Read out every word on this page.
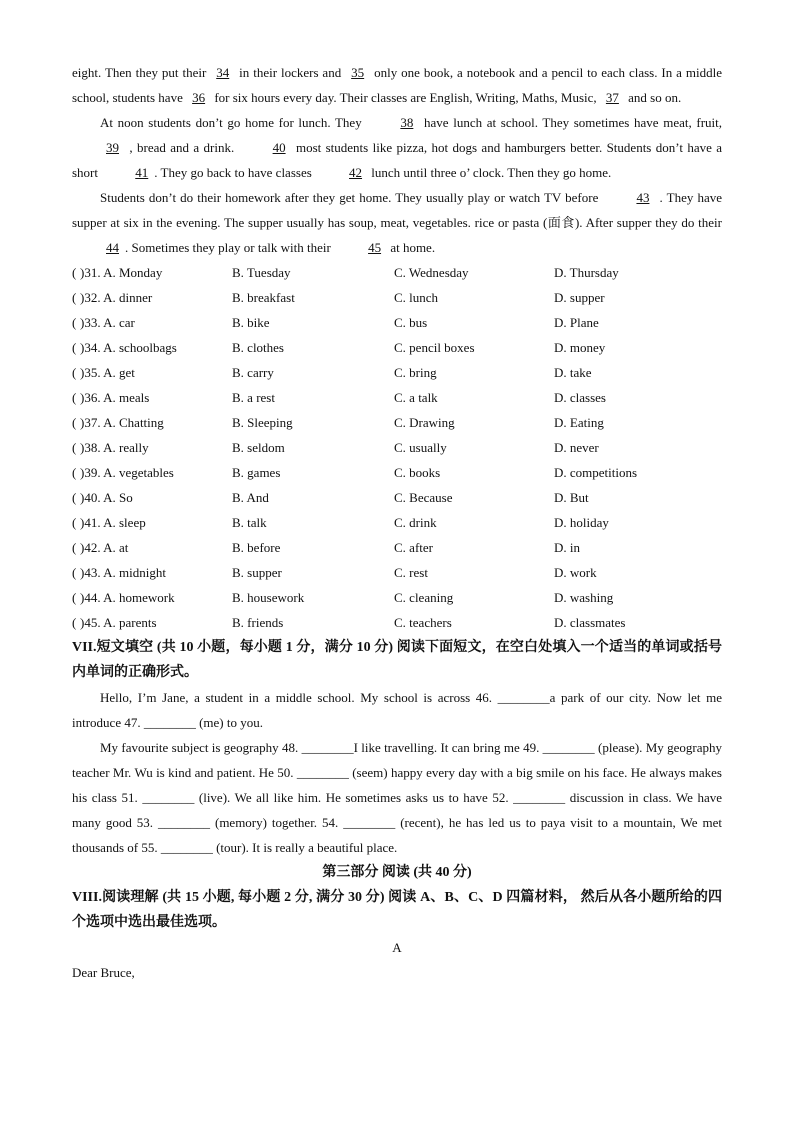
eight. Then they put their 34 in their lockers and 35 only one book, a notebook and a pencil to each class. In a middle school, students have 36 for six hours every day. Their classes are English, Writing, Maths, Music, 37 and so on.

At noon students don’t go home for lunch. They	38 have lunch at school. They sometimes have meat, fruit, 39 , bread and a drink.	40 most students like pizza, hot dogs and hamburgers better. Students don’t have a short	41 . They go back to have classes	42 lunch until three o’ clock. Then they go home.

Students don’t do their homework after they get home. They usually play or watch TV before	43 . They have supper at six in the evening. The supper usually has soup, meat, vegetables. rice or pasta (面食). After supper they do their 44 . Sometimes they play or talk with their	45 at home.

( )31. A. Monday	B. Tuesday	C. Wednesday	D. Thursday
( )32. A. dinner	B. breakfast	C. lunch	D. supper
( )33. A. car	B. bike	C. bus	D. Plane
( )34. A. schoolbags	B. clothes	C. pencil boxes	D. money
( )35. A. get	B. carry	C. bring	D. take
( )36. A. meals	B. a rest	C. a talk	D. classes
( )37. A. Chatting	B. Sleeping	C. Drawing	D. Eating
( )38. A. really	B. seldom	C. usually	D. never
( )39. A. vegetables	B. games	C. books	D. competitions
( )40. A. So	B. And	C. Because	D. But
( )41. A. sleep	B. talk	C. drink	D. holiday
( )42. A. at	B. before	C. after	D. in
( )43. A. midnight	B. supper	C. rest	D. work
( )44. A. homework	B. housework	C. cleaning	D. washing
( )45. A. parents	B. friends	C. teachers	D. classmates

VII.短文填空 (共 10 小题，每小题 1 分，满分 10 分) 阅读下面短文，在空白处填入一个适当的单词或括号内单词的正确形式。

Hello, I’m Jane, a student in a middle school. My school is across 46. ________a park of our city. Now let me introduce 47. ________ (me) to you.

My favourite subject is geography 48. ________I like travelling. It can bring me 49. ________ (please). My geography teacher Mr. Wu is kind and patient. He 50. ________ (seem) happy every day with a big smile on his face. He always makes his class 51. ________ (live). We all like him. He sometimes asks us to have 52. ________ discussion in class. We have many good 53. ________ (memory) together. 54. ________ (recent), he has led us to paya visit to a mountain, We met thousands of 55. ________ (tour). It is really a beautiful place.

第三部分 阅读 (共 40 分)

VIII.阅读理解 (共 15 小题, 每小题 2 分, 满分 30 分) 阅读 A、B、C、D 四篇材料， 然后从各小题所给的四个选项中选出最佳选项。

A

Dear Bruce,
